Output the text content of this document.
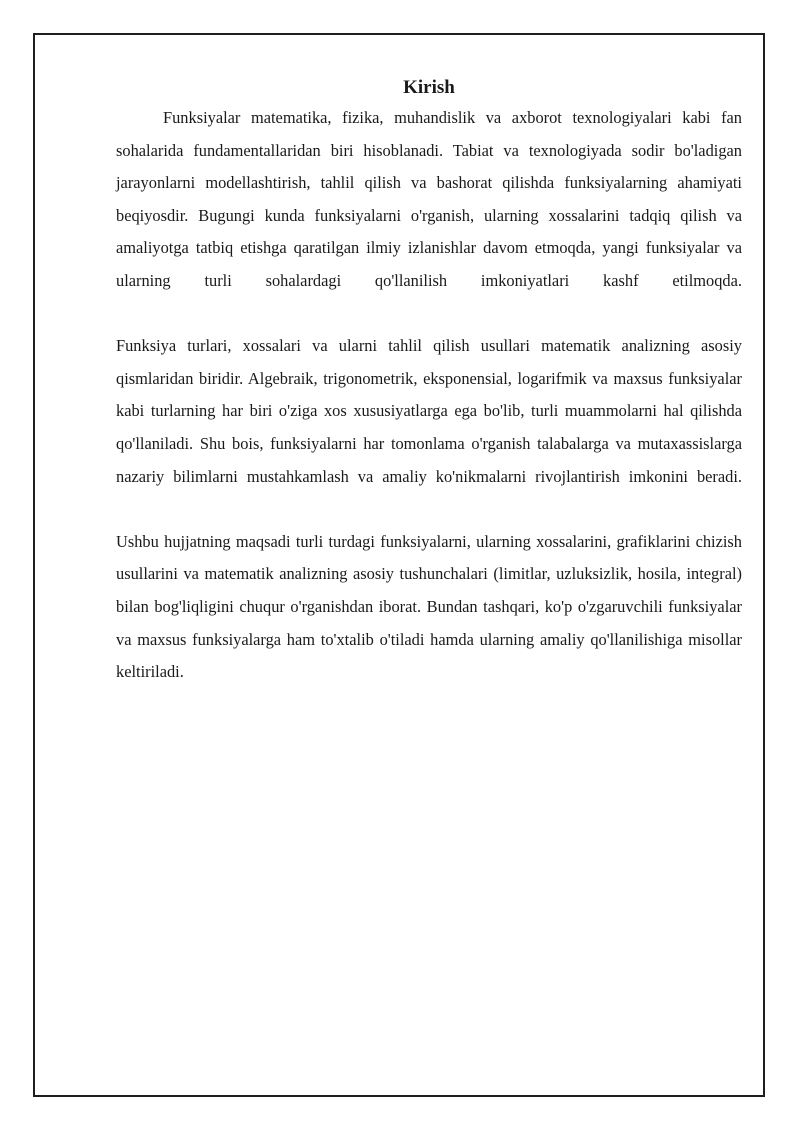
Kirish

Funksiyalar matematika, fizika, muhandislik va axborot texnologiyalari kabi fan sohalarida fundamentallaridan biri hisoblanadi. Tabiat va texnologiyada sodir bo'ladigan jarayonlarni modellashtirish, tahlil qilish va bashorat qilishda funksiyalarning ahamiyati beqiyosdir. Bugungi kunda funksiyalarni o'rganish, ularning xossalarini tadqiq qilish va amaliyotga tatbiq etishga qaratilgan ilmiy izlanishlar davom etmoqda, yangi funksiyalar va ularning turli sohalardagi qo'llanilish imkoniyatlari kashf etilmoqda.

Funksiya turlari, xossalari va ularni tahlil qilish usullari matematik analizning asosiy qismlaridan biridir. Algebraik, trigonometrik, eksponensial, logarifmik va maxsus funksiyalar kabi turlarning har biri o'ziga xos xususiyatlarga ega bo'lib, turli muammolarni hal qilishda qo'llaniladi. Shu bois, funksiyalarni har tomonlama o'rganish talabalarga va mutaxassislarga nazariy bilimlarni mustahkamlash va amaliy ko'nikmalarni rivojlantirish imkonini beradi.

Ushbu hujjatning maqsadi turli turdagi funksiyalarni, ularning xossalarini, grafiklarini chizish usullarini va matematik analizning asosiy tushunchalari (limitlar, uzluksizlik, hosila, integral) bilan bog'liqligini chuqur o'rganishdan iborat. Bundan tashqari, ko'p o'zgaruvchili funksiyalar va maxsus funksiyalarga ham to'xtalib o'tiladi hamda ularning amaliy qo'llanilishiga misollar keltiriladi.
